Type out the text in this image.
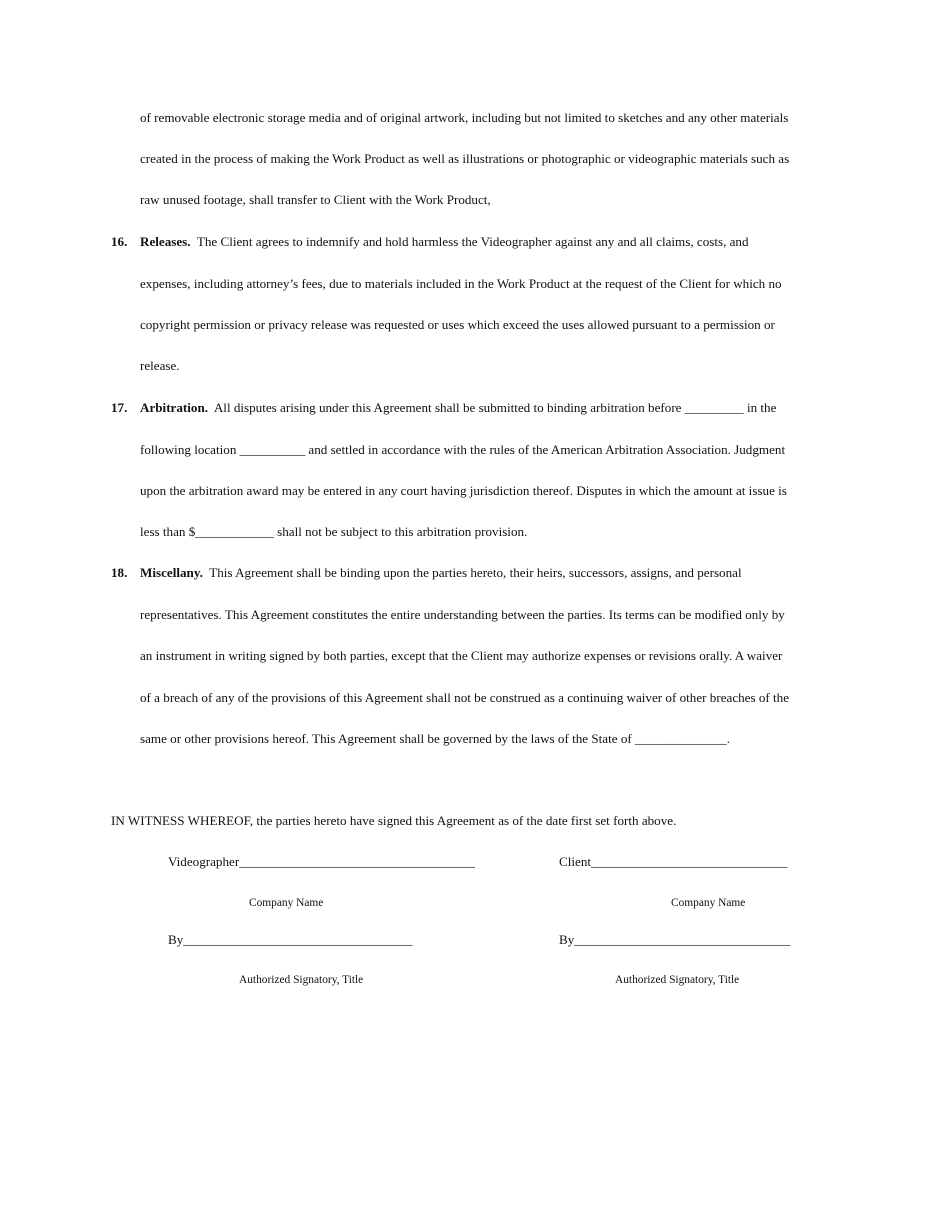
of removable electronic storage media and of original artwork, including but not limited to sketches and any other materials
created in the process of making the Work Product as well as illustrations or photographic or videographic materials such as
raw unused footage, shall transfer to Client with the Work Product,
16. Releases. The Client agrees to indemnify and hold harmless the Videographer against any and all claims, costs, and
expenses, including attorney’s fees, due to materials included in the Work Product at the request of the Client for which no
copyright permission or privacy release was requested or uses which exceed the uses allowed pursuant to a permission or
release.
17. Arbitration. All disputes arising under this Agreement shall be submitted to binding arbitration before _________ in the
following location __________ and settled in accordance with the rules of the American Arbitration Association. Judgment
upon the arbitration award may be entered in any court having jurisdiction thereof. Disputes in which the amount at issue is
less than $____________ shall not be subject to this arbitration provision.
18. Miscellany. This Agreement shall be binding upon the parties hereto, their heirs, successors, assigns, and personal
representatives. This Agreement constitutes the entire understanding between the parties. Its terms can be modified only by
an instrument in writing signed by both parties, except that the Client may authorize expenses or revisions orally. A waiver
of a breach of any of the provisions of this Agreement shall not be construed as a continuing waiver of other breaches of the
same or other provisions hereof. This Agreement shall be governed by the laws of the State of ______________.
IN WITNESS WHEREOF, the parties hereto have signed this Agreement as of the date first set forth above.
Videographer____________________________________	Client______________________________
Company Name	Company Name
By___________________________________	By_________________________________
Authorized Signatory, Title	Authorized Signatory, Title
